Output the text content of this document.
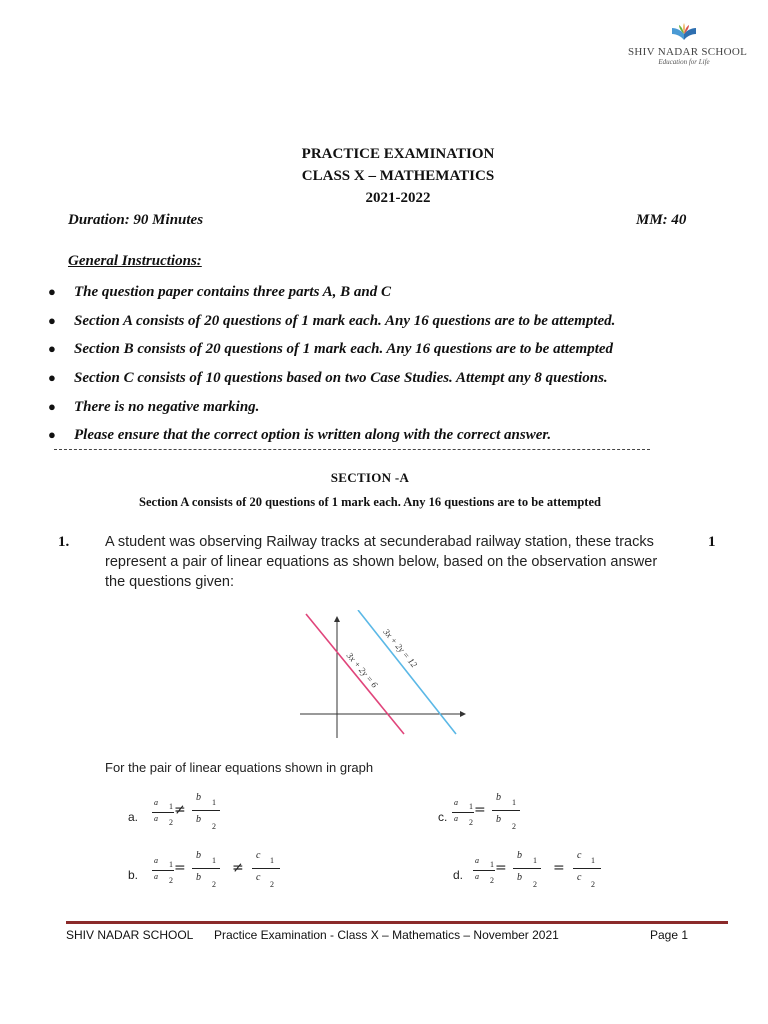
SHIV NADAR SCHOOL
Education for Life
PRACTICE EXAMINATION
CLASS X – MATHEMATICS
2021-2022
Duration: 90 Minutes	MM: 40
General Instructions:
● The question paper contains three parts A, B and C
● Section A consists of 20 questions of 1 mark each. Any 16 questions are to be attempted.
● Section B consists of 20 questions of 1 mark each. Any 16 questions are to be attempted
● Section C consists of 10 questions based on two Case Studies. Attempt any 8 questions.
● There is no negative marking.
● Please ensure that the correct option is written along with the correct answer.
SECTION -A
Section A consists of 20 questions of 1 mark each. Any 16 questions are to be attempted
1. A student was observing Railway tracks at secunderabad railway station, these tracks represent a pair of linear equations as shown below, based on the observation answer the questions given:
1
3x + 2y = 6
3x + 2y = 12
For the pair of linear equations shown in graph
a.
a 1
a 2
≠
b 1
b
2
c.
a 1
a 2
=
b 1
b
2
b.
a 1
a 2
=
b 1
b
2
≠
c 1
c
2
d.
a 1
a 2
=
b 1
b
2
=
c 1
c
2
SHIV NADAR SCHOOL Practice Examination - Class X – Mathematics – November 2021	Page 1
